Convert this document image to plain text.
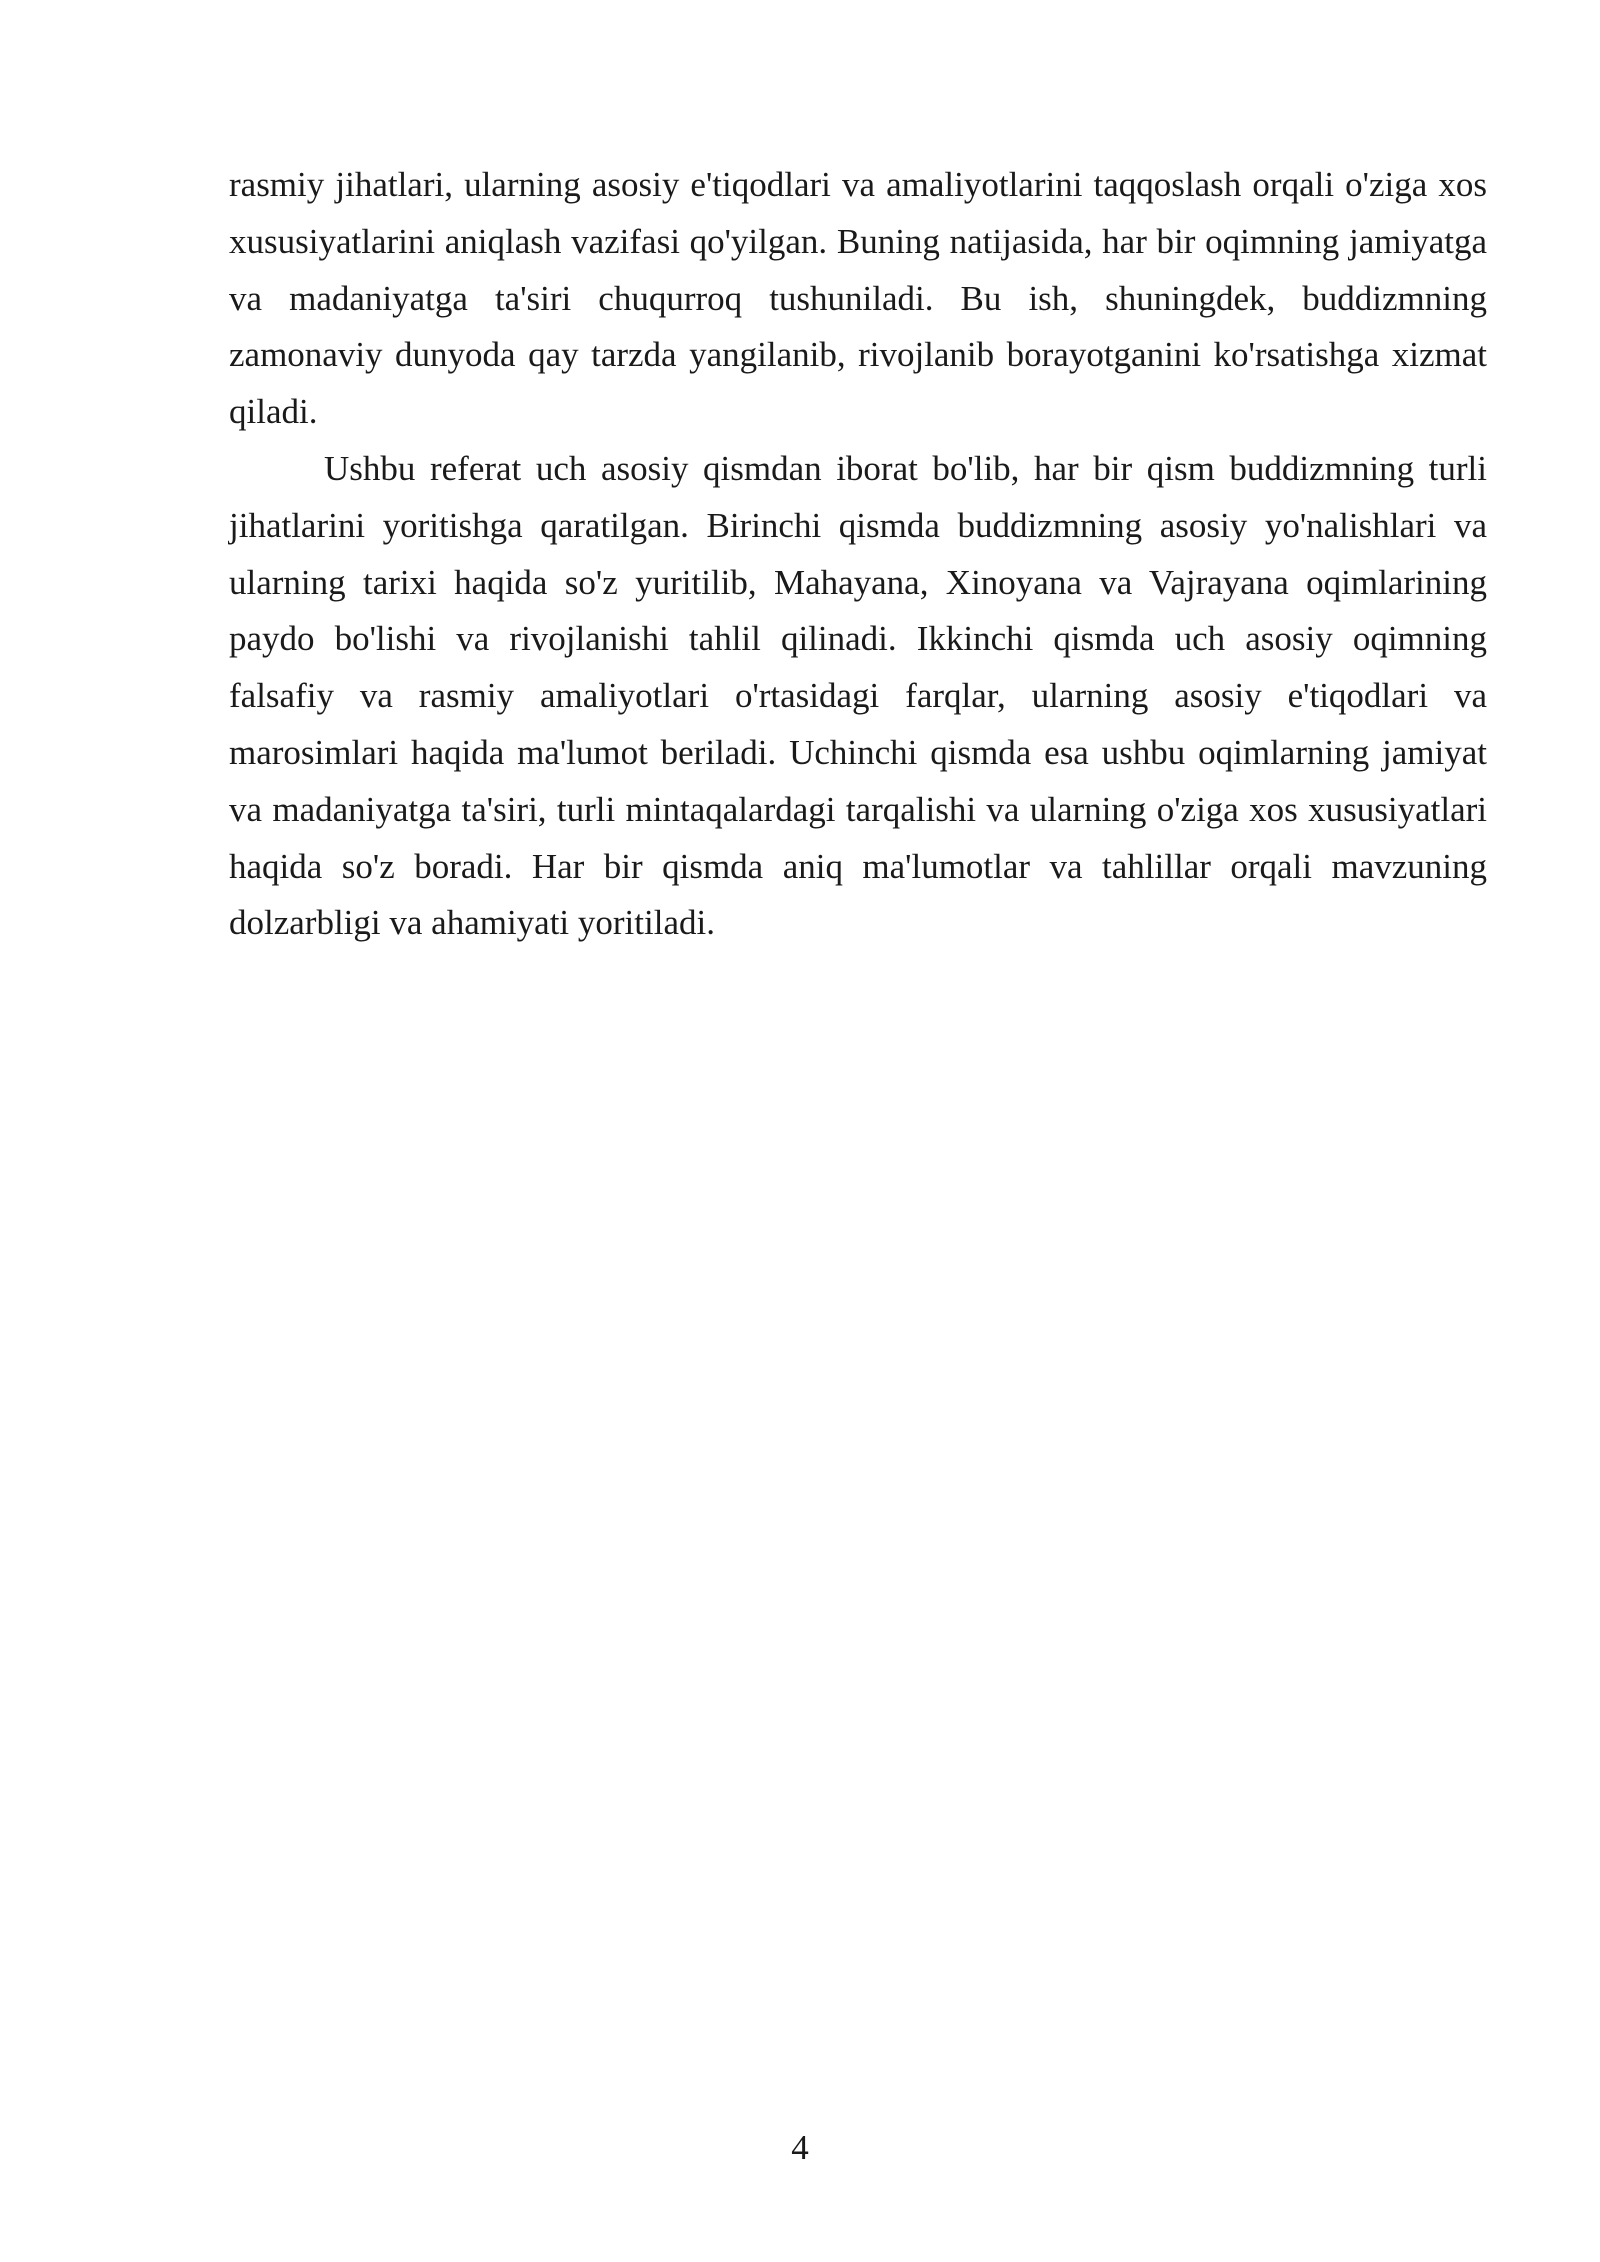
rasmiy jihatlari, ularning asosiy e'tiqodlari va amaliyotlarini taqqoslash orqali o'ziga xos xususiyatlarini aniqlash vazifasi qo'yilgan. Buning natijasida, har bir oqimning jamiyatga va madaniyatga ta'siri chuqurroq tushuniladi. Bu ish, shuningdek, buddizmning zamonaviy dunyoda qay tarzda yangilanib, rivojlanib borayotganini ko'rsatishga xizmat qiladi.

Ushbu referat uch asosiy qismdan iborat bo'lib, har bir qism buddizmning turli jihatlarini yoritishga qaratilgan. Birinchi qismda buddizmning asosiy yo'nalishlari va ularning tarixi haqida so'z yuritilib, Mahayana, Xinoyana va Vajrayana oqimlarining paydo bo'lishi va rivojlanishi tahlil qilinadi. Ikkinchi qismda uch asosiy oqimning falsafiy va rasmiy amaliyotlari o'rtasidagi farqlar, ularning asosiy e'tiqodlari va marosimlari haqida ma'lumot beriladi. Uchinchi qismda esa ushbu oqimlarning jamiyat va madaniyatga ta'siri, turli mintaqalardagi tarqalishi va ularning o'ziga xos xususiyatlari haqida so'z boradi. Har bir qismda aniq ma'lumotlar va tahlillar orqali mavzuning dolzarbligi va ahamiyati yoritiladi.

4
